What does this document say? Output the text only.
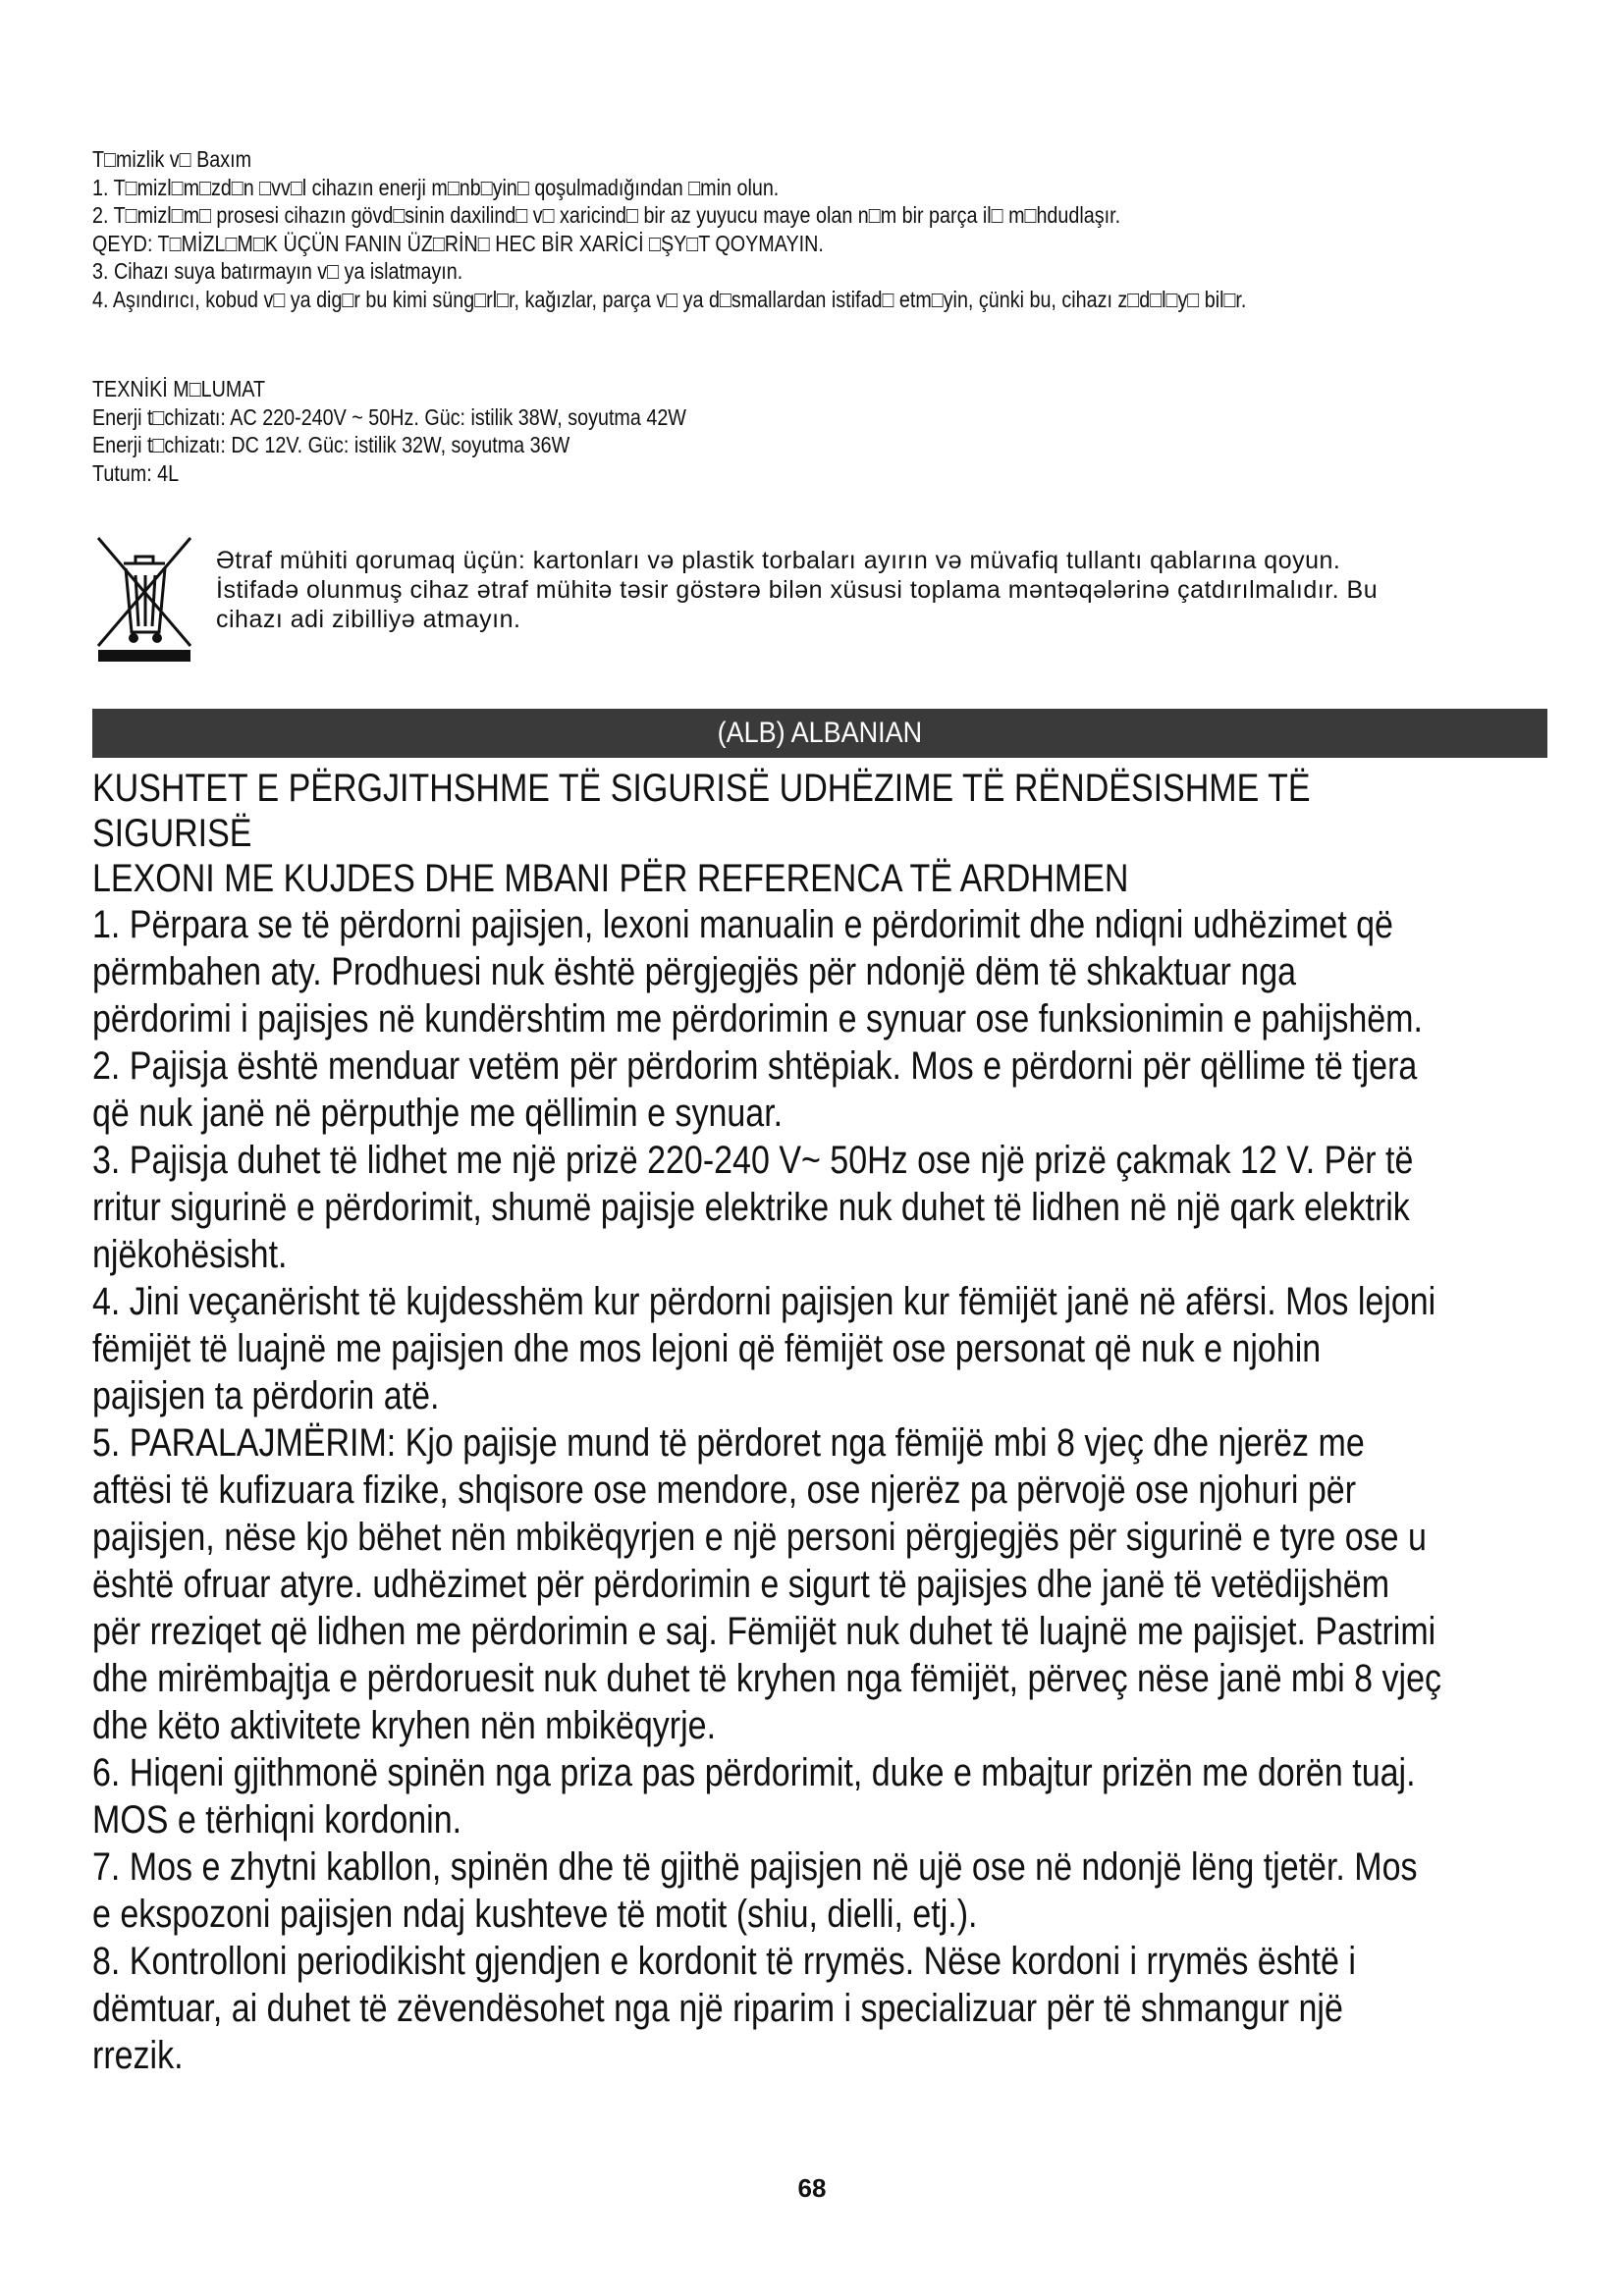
T□mizlik v□ Baxım

1. T□mizl□m□zd□n □vv□l cihazın enerji m□nb□yin□ qoşulmadığından □min olun.

2. T□mizl□m□ prosesi cihazın gövd□sinin daxilind□ v□ xaricind□ bir az yuyucu maye olan n□m bir parça il□ m□hdudlaşır.

QEYD: T□MİZL□M□K ÜÇÜN FANIN ÜZ□RİN□ HEC BİR XARİCİ □ŞY□T QOYMAYIN.

3. Cihazı suya batırmayın v□ ya islatmayın.

4. Aşındırıcı, kobud v□ ya dig□r bu kimi süng□rl□r, kağızlar, parça v□ ya d□smallardan istifad□ etm□yin, çünki bu, cihazı z□d□l□y□ bil□r.

TEXNİKİ M□LUMAT

Enerji t□chizatı: AC 220-240V ~ 50Hz. Güc: istilik 38W, soyutma 42W

Enerji t□chizatı: DC 12V. Güc: istilik 32W, soyutma 36W

Tutum: 4L

Ətraf mühiti qorumaq üçün: kartonları və plastik torbaları ayırın və müvafiq tullantı qablarına qoyun.

İstifadə olunmuş cihaz ətraf mühitə təsir göstərə bilən xüsusi toplama məntəqələrinə çatdırılmalıdır. Bu

cihazı adi zibilliyə atmayın.

(ALB) ALBANIAN

KUSHTET E PËRGJITHSHME TË SIGURISË UDHËZIME TË RËNDËSISHME TË

SIGURISË

LEXONI ME KUJDES DHE MBANI PËR REFERENCA TË ARDHMEN

1. Përpara se të përdorni pajisjen, lexoni manualin e përdorimit dhe ndiqni udhëzimet që

përmbahen aty. Prodhuesi nuk është përgjegjës për ndonjë dëm të shkaktuar nga

përdorimi i pajisjes në kundërshtim me përdorimin e synuar ose funksionimin e pahijshëm.

2. Pajisja është menduar vetëm për përdorim shtëpiak. Mos e përdorni për qëllime të tjera

që nuk janë në përputhje me qëllimin e synuar.

3. Pajisja duhet të lidhet me një prizë 220-240 V~ 50Hz ose një prizë çakmak 12 V. Për të

rritur sigurinë e përdorimit, shumë pajisje elektrike nuk duhet të lidhen në një qark elektrik

njëkohësisht.

4. Jini veçanërisht të kujdesshëm kur përdorni pajisjen kur fëmijët janë në afërsi. Mos lejoni

fëmijët të luajnë me pajisjen dhe mos lejoni që fëmijët ose personat që nuk e njohin

pajisjen ta përdorin atë.

5. PARALAJMËRIM: Kjo pajisje mund të përdoret nga fëmijë mbi 8 vjeç dhe njerëz me

aftësi të kufizuara fizike, shqisore ose mendore, ose njerëz pa përvojë ose njohuri për

pajisjen, nëse kjo bëhet nën mbikëqyrjen e një personi përgjegjës për sigurinë e tyre ose u

është ofruar atyre. udhëzimet për përdorimin e sigurt të pajisjes dhe janë të vetëdijshëm

për rreziqet që lidhen me përdorimin e saj. Fëmijët nuk duhet të luajnë me pajisjet. Pastrimi

dhe mirëmbajtja e përdoruesit nuk duhet të kryhen nga fëmijët, përveç nëse janë mbi 8 vjeç

dhe këto aktivitete kryhen nën mbikëqyrje.

6. Hiqeni gjithmonë spinën nga priza pas përdorimit, duke e mbajtur prizën me dorën tuaj.

MOS e tërhiqni kordonin.

7. Mos e zhytni kabllon, spinën dhe të gjithë pajisjen në ujë ose në ndonjë lëng tjetër. Mos

e ekspozoni pajisjen ndaj kushteve të motit (shiu, dielli, etj.).

8. Kontrolloni periodikisht gjendjen e kordonit të rrymës. Nëse kordoni i rrymës është i

dëmtuar, ai duhet të zëvendësohet nga një riparim i specializuar për të shmangur një

rrezik.

68
